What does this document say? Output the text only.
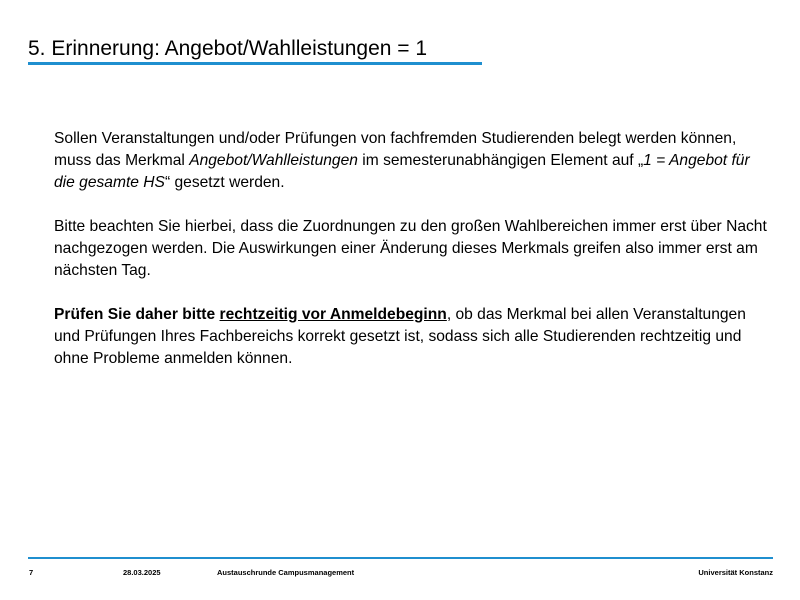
5. Erinnerung: Angebot/Wahlleistungen = 1

Sollen Veranstaltungen und/oder Prüfungen von fachfremden Studierenden belegt werden können, muss das Merkmal Angebot/Wahlleistungen im semesterunabhängigen Element auf „1 = Angebot für die gesamte HS“ gesetzt werden.

Bitte beachten Sie hierbei, dass die Zuordnungen zu den großen Wahlbereichen immer erst über Nacht nachgezogen werden. Die Auswirkungen einer Änderung dieses Merkmals greifen also immer erst am nächsten Tag.

Prüfen Sie daher bitte rechtzeitig vor Anmeldebeginn, ob das Merkmal bei allen Veranstaltungen und Prüfungen Ihres Fachbereichs korrekt gesetzt ist, sodass sich alle Studierenden rechtzeitig und ohne Probleme anmelden können.

7	28.03.2025	Austauschrunde Campusmanagement	Universität Konstanz
